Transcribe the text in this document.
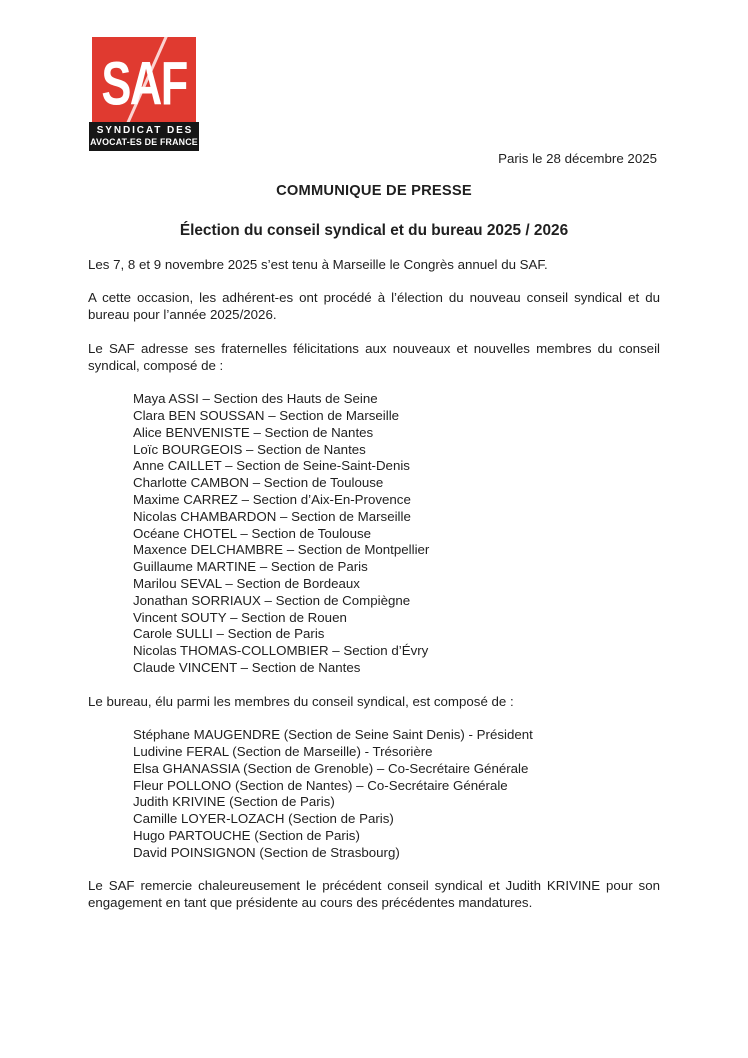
SAF
SYNDICAT DES
AVOCAT-ES DE FRANCE
Paris le 28 décembre 2025
COMMUNIQUE DE PRESSE
Élection du conseil syndical et du bureau 2025 / 2026

Les 7, 8 et 9 novembre 2025 s’est tenu à Marseille le Congrès annuel du SAF.

A cette occasion, les adhérent-es ont procédé à l’élection du nouveau conseil syndical et du bureau pour l’année 2025/2026.

Le SAF adresse ses fraternelles félicitations aux nouveaux et nouvelles membres du conseil syndical, composé de :

Maya ASSI – Section des Hauts de Seine
Clara BEN SOUSSAN – Section de Marseille
Alice BENVENISTE – Section de Nantes
Loïc BOURGEOIS – Section de Nantes
Anne CAILLET – Section de Seine-Saint-Denis
Charlotte CAMBON – Section de Toulouse
Maxime CARREZ – Section d’Aix-En-Provence
Nicolas CHAMBARDON – Section de Marseille
Océane CHOTEL – Section de Toulouse
Maxence DELCHAMBRE – Section de Montpellier
Guillaume MARTINE – Section de Paris
Marilou SEVAL – Section de Bordeaux
Jonathan SORRIAUX – Section de Compiègne
Vincent SOUTY – Section de Rouen
Carole SULLI – Section de Paris
Nicolas THOMAS-COLLOMBIER – Section d’Évry
Claude VINCENT – Section de Nantes

Le bureau, élu parmi les membres du conseil syndical, est composé de :

Stéphane MAUGENDRE (Section de Seine Saint Denis) - Président
Ludivine FERAL (Section de Marseille) - Trésorière
Elsa GHANASSIA (Section de Grenoble) – Co-Secrétaire Générale
Fleur POLLONO (Section de Nantes) – Co-Secrétaire Générale
Judith KRIVINE (Section de Paris)
Camille LOYER-LOZACH (Section de Paris)
Hugo PARTOUCHE (Section de Paris)
David POINSIGNON (Section de Strasbourg)

Le SAF remercie chaleureusement le précédent conseil syndical et Judith KRIVINE pour son engagement en tant que présidente au cours des précédentes mandatures.
